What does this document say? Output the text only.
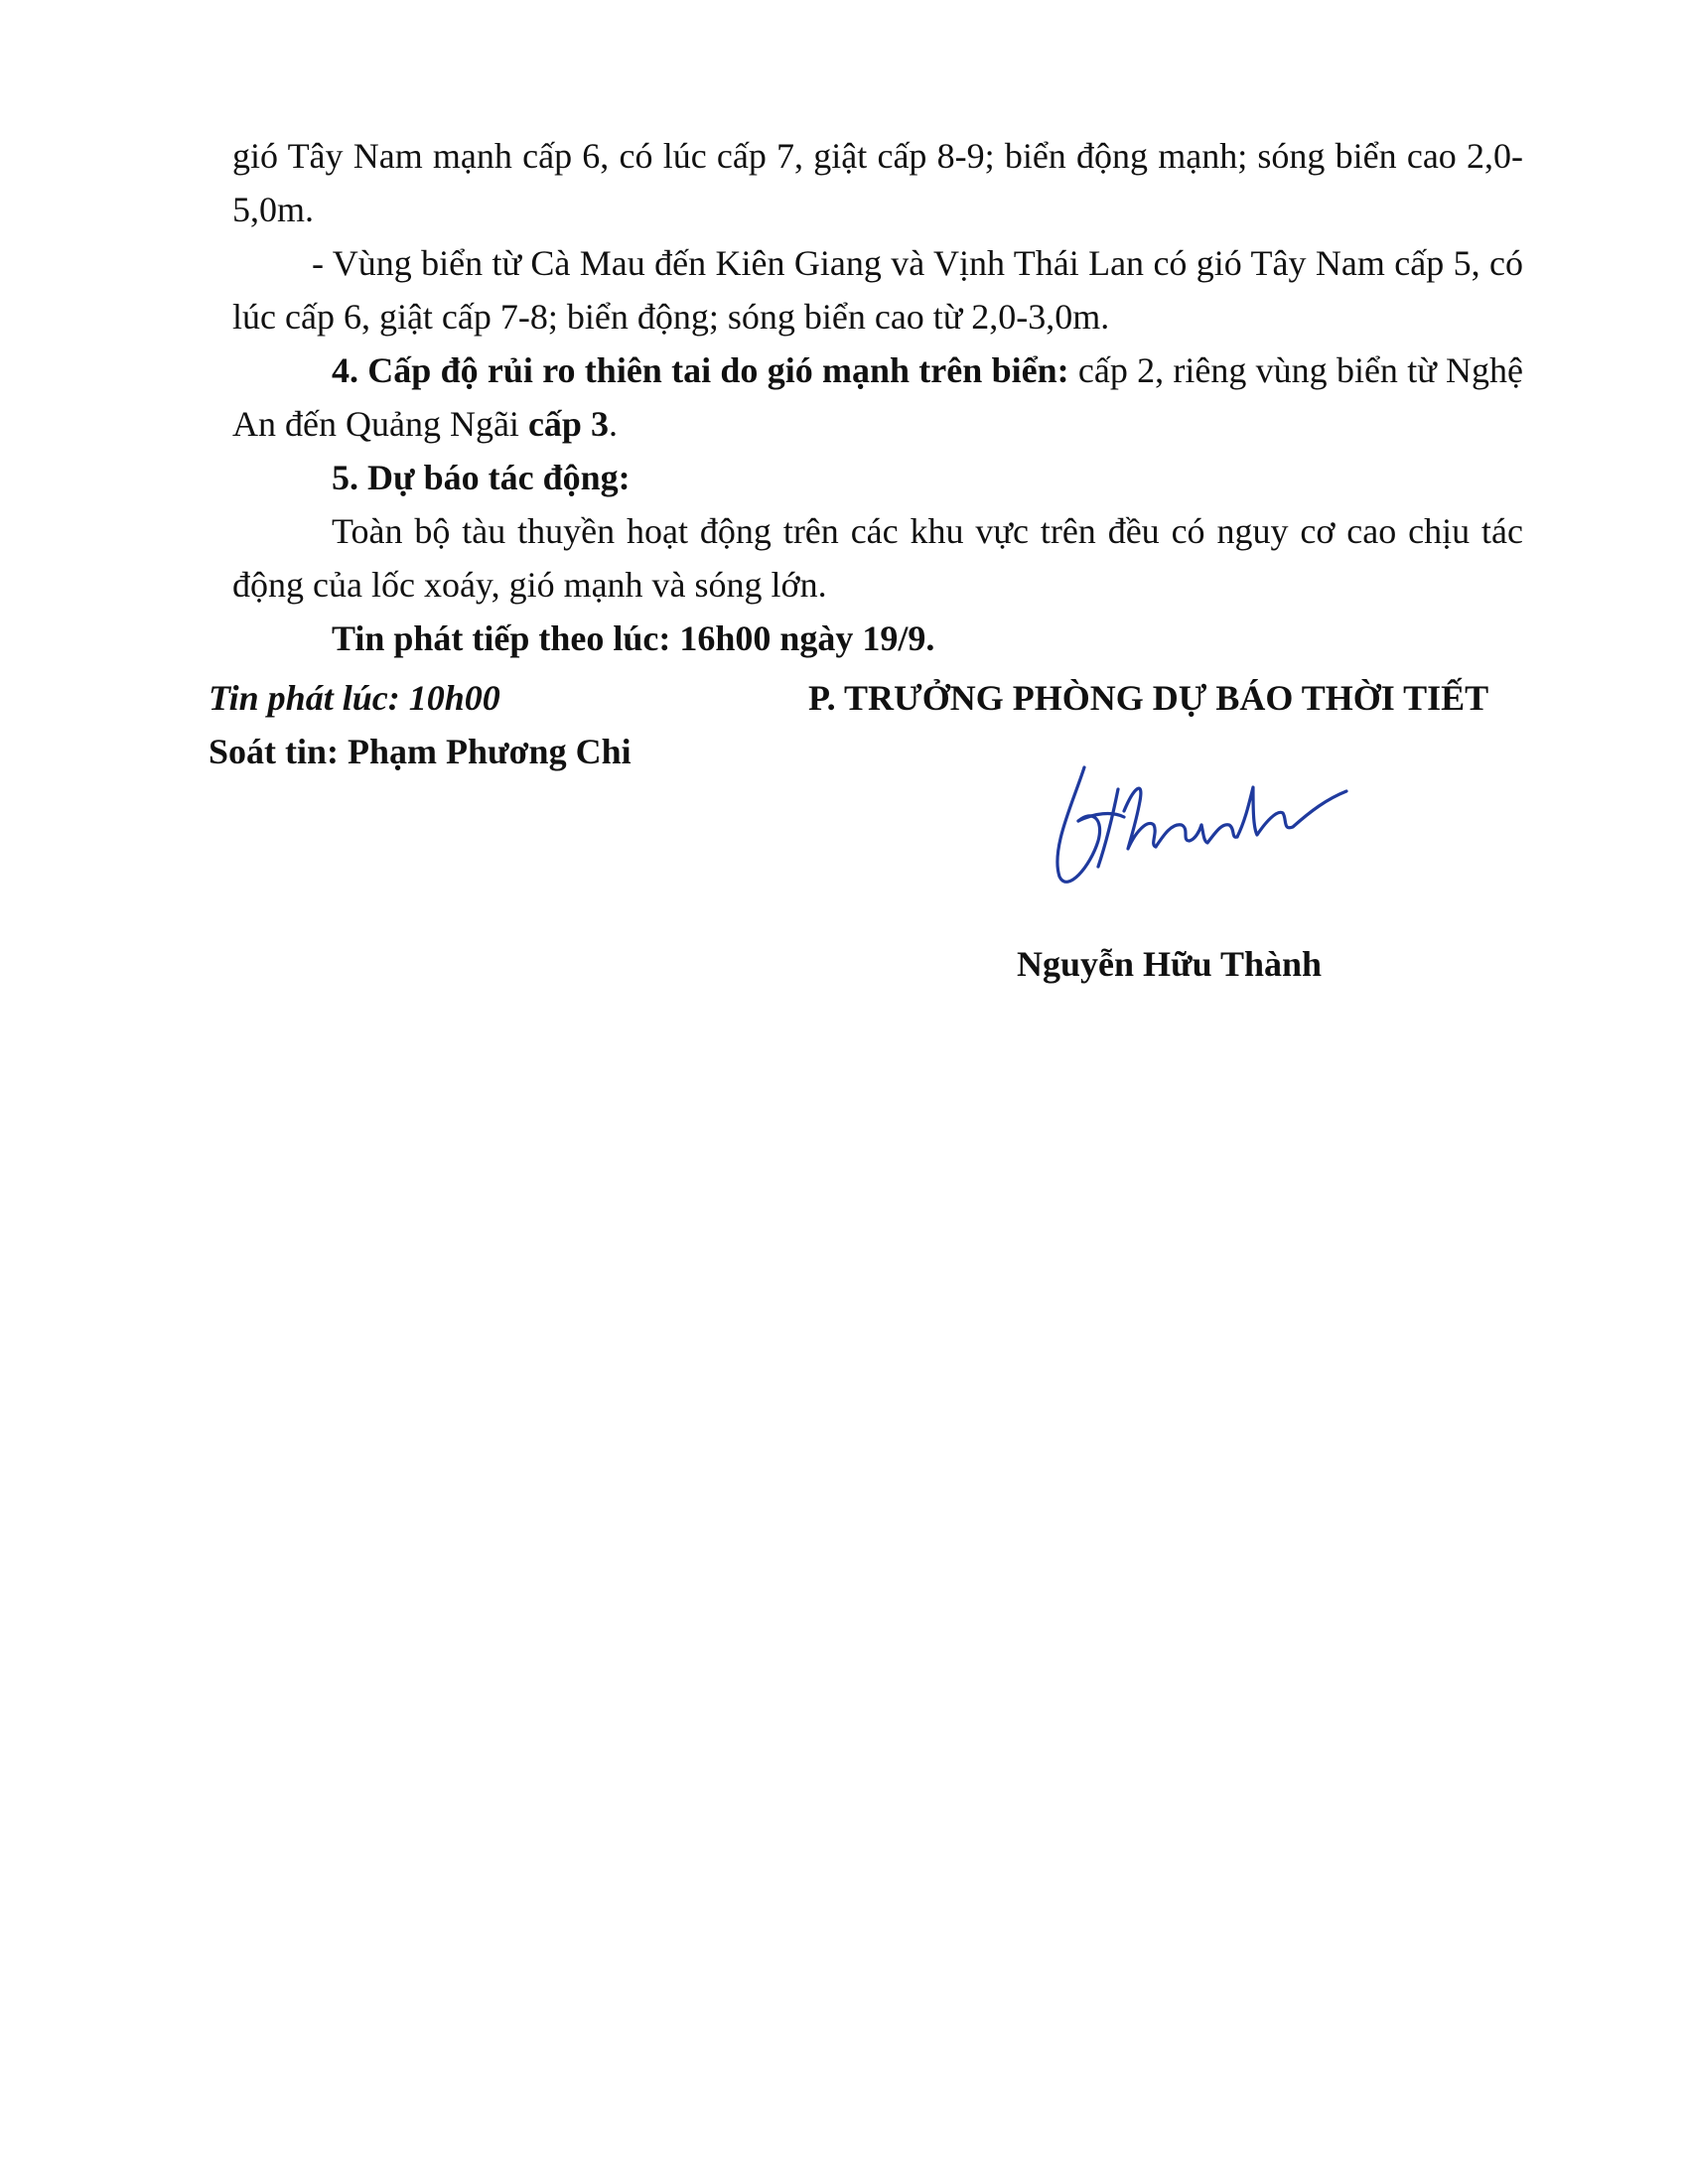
gió Tây Nam mạnh cấp 6, có lúc cấp 7, giật cấp 8-9; biển động mạnh; sóng biển cao 2,0-5,0m.

- Vùng biển từ Cà Mau đến Kiên Giang và Vịnh Thái Lan có gió Tây Nam cấp 5, có lúc cấp 6, giật cấp 7-8; biển động; sóng biển cao từ 2,0-3,0m.

4. Cấp độ rủi ro thiên tai do gió mạnh trên biển: cấp 2, riêng vùng biển từ Nghệ An đến Quảng Ngãi cấp 3.

5. Dự báo tác động:

Toàn bộ tàu thuyền hoạt động trên các khu vực trên đều có nguy cơ cao chịu tác động của lốc xoáy, gió mạnh và sóng lớn.

Tin phát tiếp theo lúc: 16h00 ngày 19/9.

Tin phát lúc: 10h00
Soát tin: Phạm Phương Chi
P. TRƯỞNG PHÒNG DỰ BÁO THỜI TIẾT
Hthanh
Nguyễn Hữu Thành
